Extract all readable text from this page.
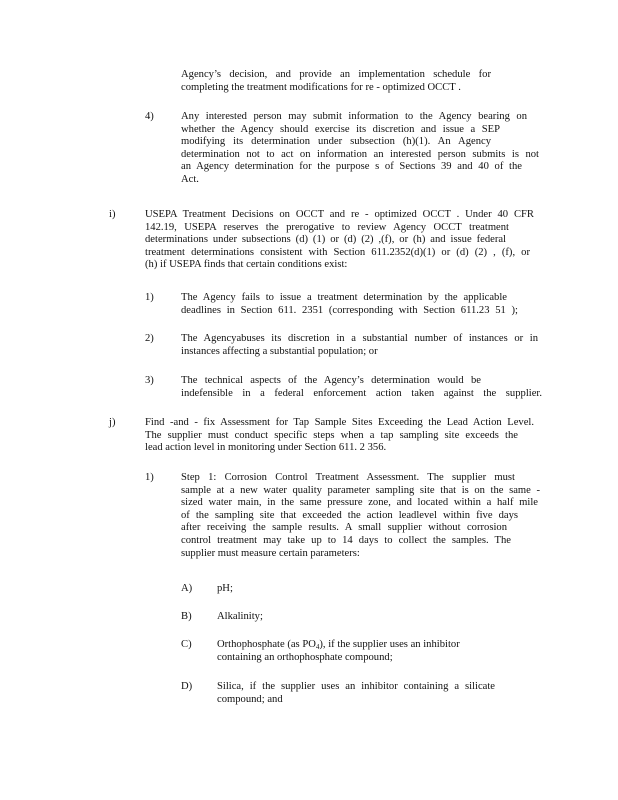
Agency’s decision, and provide an implementation schedule for
completing the treatment modifications for re - optimized OCCT .
4)	Any interested person may submit information to the Agency bearing on
whether the Agency should exercise its discretion and issue a SEP
modifying its determination under subsection (h)(1). An Agency
determination not to act on information an interested person submits is not
an Agency determination for the purpose s of Sections 39 and 40 of the
Act.
i)	USEPA Treatment Decisions on OCCT and re - optimized OCCT . Under 40 CFR
142.19, USEPA reserves the prerogative to review Agency OCCT treatment
determinations under subsections (d) (1) or (d) (2) ,(f), or (h) and issue federal
treatment determinations consistent with Section 611.2352(d)(1) or (d) (2) , (f), or
(h) if USEPA finds that certain conditions exist:
1)	The Agency fails to issue a treatment determination by the applicable
deadlines in Section 611. 2351 (corresponding with Section 611.23 51 );
2)	The Agencyabuses its discretion in a substantial number of instances or in
instances affecting a substantial population; or
3)	The technical aspects of the Agency’s determination would be
indefensible in a federal enforcement action taken against the supplier.
j)	Find -and - fix Assessment for Tap Sample Sites Exceeding the Lead Action Level.
The supplier must conduct specific steps when a tap sampling site exceeds the
lead action level in monitoring under Section 611. 2 356.
1)	Step 1: Corrosion Control Treatment Assessment. The supplier must
sample at a new water quality parameter sampling site that is on the same -
sized water main, in the same pressure zone, and located within a half mile
of the sampling site that exceeded the action leadlevel within five days
after receiving the sample results. A small supplier without corrosion
control treatment may take up to 14 days to collect the samples. The
supplier must measure certain parameters:
A) pH;
B) Alkalinity;
C) Orthophosphate (as $PO_4$), if the supplier uses an inhibitor
containing an orthophosphate compound;
D) Silica, if the supplier uses an inhibitor containing a silicate
compound; and
